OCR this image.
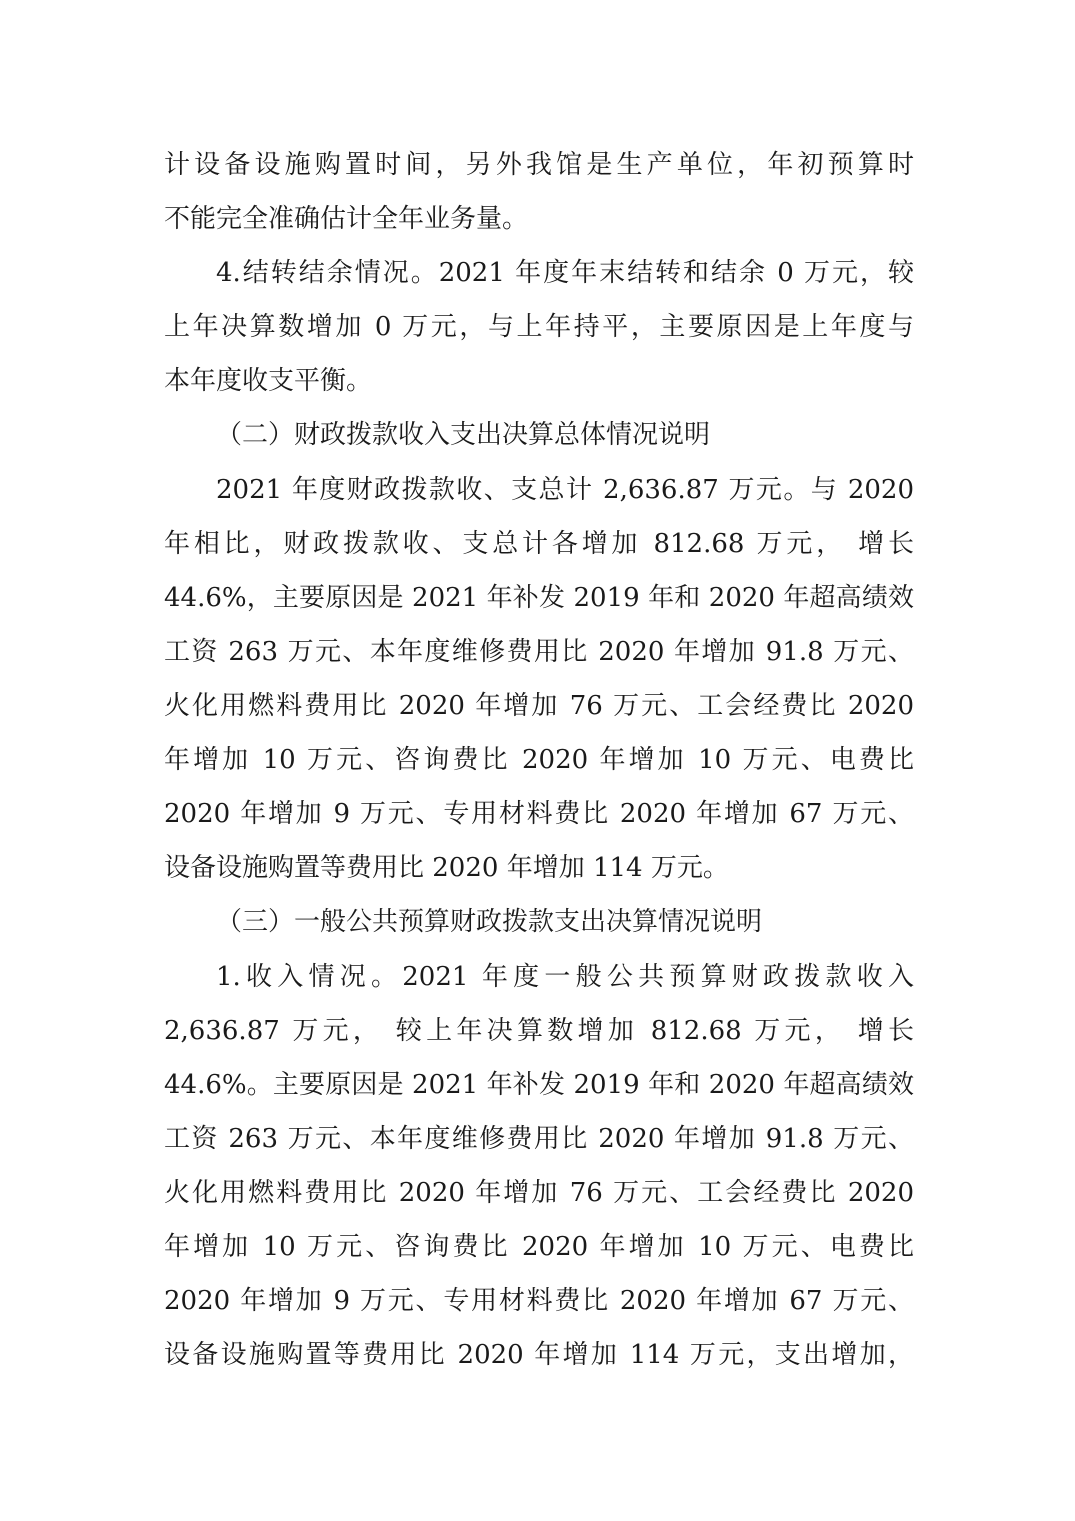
计设备设施购置时间，另外我馆是生产单位，年初预算时
不能完全准确估计全年业务量。
4.结转结余情况。2021 年度年末结转和结余 0 万元，较
上年决算数增加 0 万元，与上年持平，主要原因是上年度与
本年度收支平衡。
（二）财政拨款收入支出决算总体情况说明
2021 年度财政拨款收、支总计 2,636.87 万元。与 2020
年相比，财政拨款收、支总计各增加 812.68 万元， 增长
44.6%，主要原因是 2021 年补发 2019 年和 2020 年超高绩效
工资 263 万元、本年度维修费用比 2020 年增加 91.8 万元、
火化用燃料费用比 2020 年增加 76 万元、工会经费比 2020
年增加 10 万元、咨询费比 2020 年增加 10 万元、电费比
2020 年增加 9 万元、专用材料费比 2020 年增加 67 万元、
设备设施购置等费用比 2020 年增加 114 万元。
（三）一般公共预算财政拨款支出决算情况说明
1.收入情况。2021 年度一般公共预算财政拨款收入
2,636.87 万元， 较上年决算数增加 812.68 万元， 增长
44.6%。主要原因是 2021 年补发 2019 年和 2020 年超高绩效
工资 263 万元、本年度维修费用比 2020 年增加 91.8 万元、
火化用燃料费用比 2020 年增加 76 万元、工会经费比 2020
年增加 10 万元、咨询费比 2020 年增加 10 万元、电费比
2020 年增加 9 万元、专用材料费比 2020 年增加 67 万元、
设备设施购置等费用比 2020 年增加 114 万元，支出增加，
